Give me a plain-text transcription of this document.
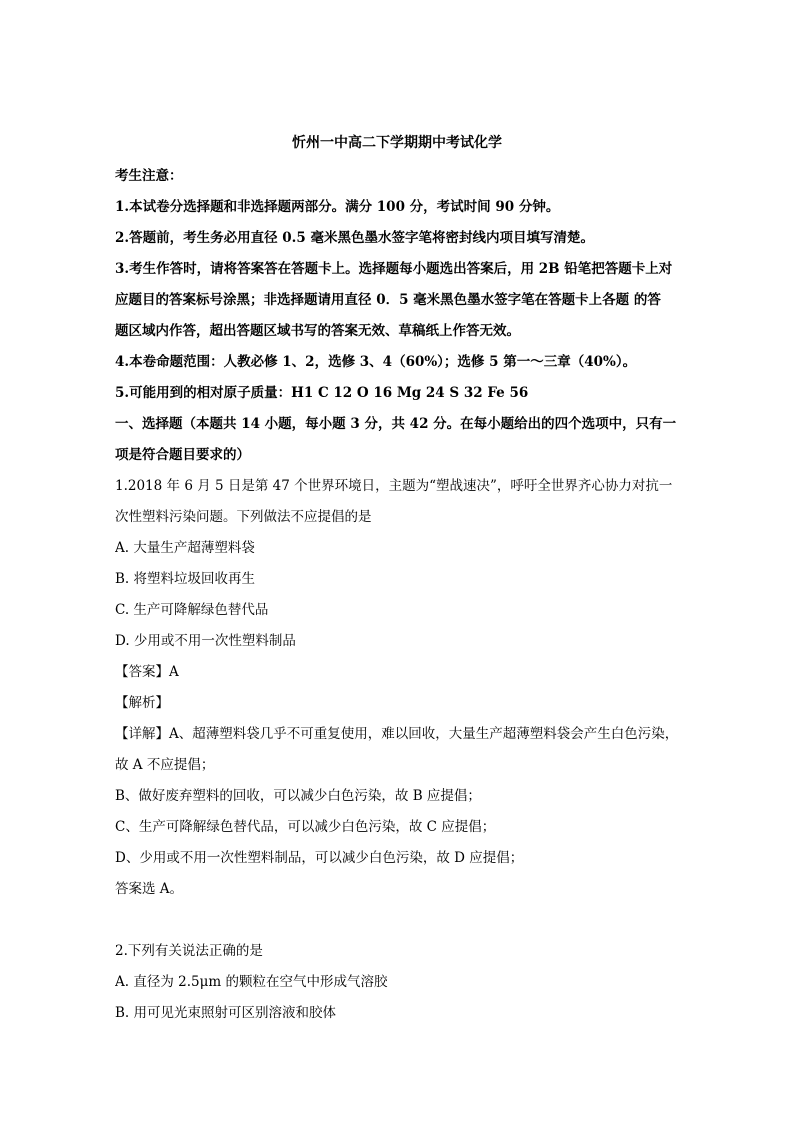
忻州一中高二下学期期中考试化学
考生注意：
1.本试卷分选择题和非选择题两部分。满分 100 分，考试时间 90 分钟。
2.答题前，考生务必用直径 0.5 毫米黑色墨水签字笔将密封线内项目填写清楚。
3.考生作答时，请将答案答在答题卡上。选择题每小题选出答案后，用 2B 铅笔把答题卡上对
应题目的答案标号涂黑；非选择题请用直径 0．5 毫米黑色墨水签字笔在答题卡上各题 的答
题区域内作答，超出答题区域书写的答案无效、草稿纸上作答无效。
4.本卷命题范围：人教必修 1、2，选修 3、4（60%）；选修 5 第一～三章（40%）。
5.可能用到的相对原子质量：H1 C 12 O 16 Mg 24 S 32 Fe 56
一、选择题（本题共 14 小题，每小题 3 分，共 42 分。在每小题给出的四个选项中，只有一
项是符合题目要求的）
1.2018 年 6 月 5 日是第 47 个世界环境日，主题为“塑战速决”，呼吁全世界齐心协力对抗一
次性塑料污染问题。下列做法不应提倡的是
A. 大量生产超薄塑料袋
B. 将塑料垃圾回收再生
C. 生产可降解绿色替代品
D. 少用或不用一次性塑料制品
【答案】A
【解析】
【详解】A、超薄塑料袋几乎不可重复使用，难以回收，大量生产超薄塑料袋会产生白色污染，
故 A 不应提倡；
B、做好废弃塑料的回收，可以减少白色污染，故 B 应提倡；
C、生产可降解绿色替代品，可以减少白色污染，故 C 应提倡；
D、少用或不用一次性塑料制品，可以减少白色污染，故 D 应提倡；
答案选 A。
2.下列有关说法正确的是
A. 直径为 2.5μm 的颗粒在空气中形成气溶胶
B. 用可见光束照射可区别溶液和胶体
